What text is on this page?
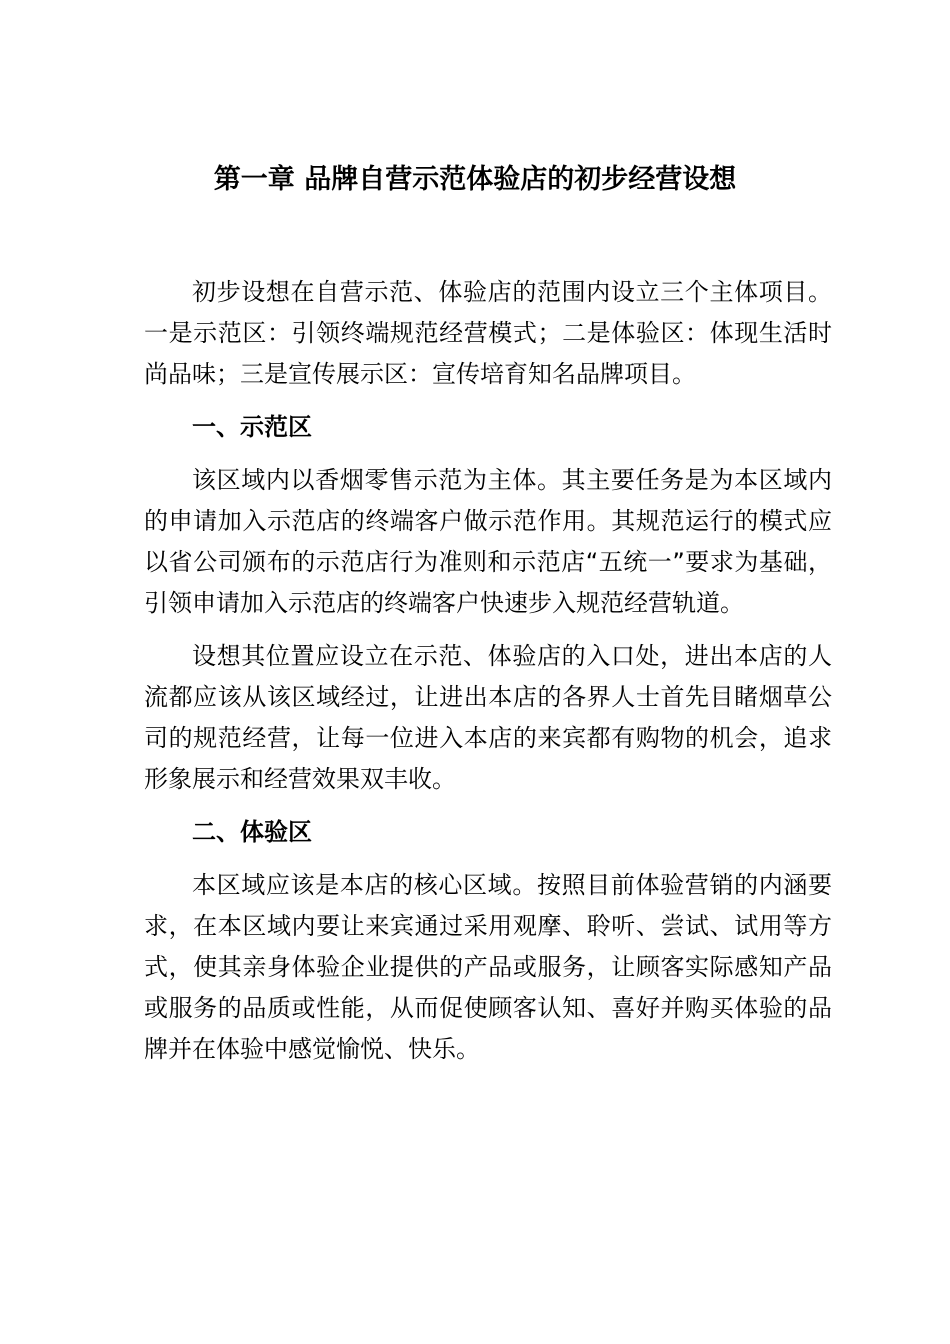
第一章 品牌自营示范体验店的初步经营设想

初步设想在自营示范、体验店的范围内设立三个主体项目。一是示范区：引领终端规范经营模式；二是体验区：体现生活时尚品味；三是宣传展示区：宣传培育知名品牌项目。

一、示范区

该区域内以香烟零售示范为主体。其主要任务是为本区域内的申请加入示范店的终端客户做示范作用。其规范运行的模式应以省公司颁布的示范店行为准则和示范店“五统一”要求为基础，引领申请加入示范店的终端客户快速步入规范经营轨道。

设想其位置应设立在示范、体验店的入口处，进出本店的人流都应该从该区域经过，让进出本店的各界人士首先目睹烟草公司的规范经营，让每一位进入本店的来宾都有购物的机会，追求形象展示和经营效果双丰收。

二、体验区

本区域应该是本店的核心区域。按照目前体验营销的内涵要求，在本区域内要让来宾通过采用观摩、聆听、尝试、试用等方式，使其亲身体验企业提供的产品或服务，让顾客实际感知产品或服务的品质或性能，从而促使顾客认知、喜好并购买体验的品牌并在体验中感觉愉悦、快乐。
